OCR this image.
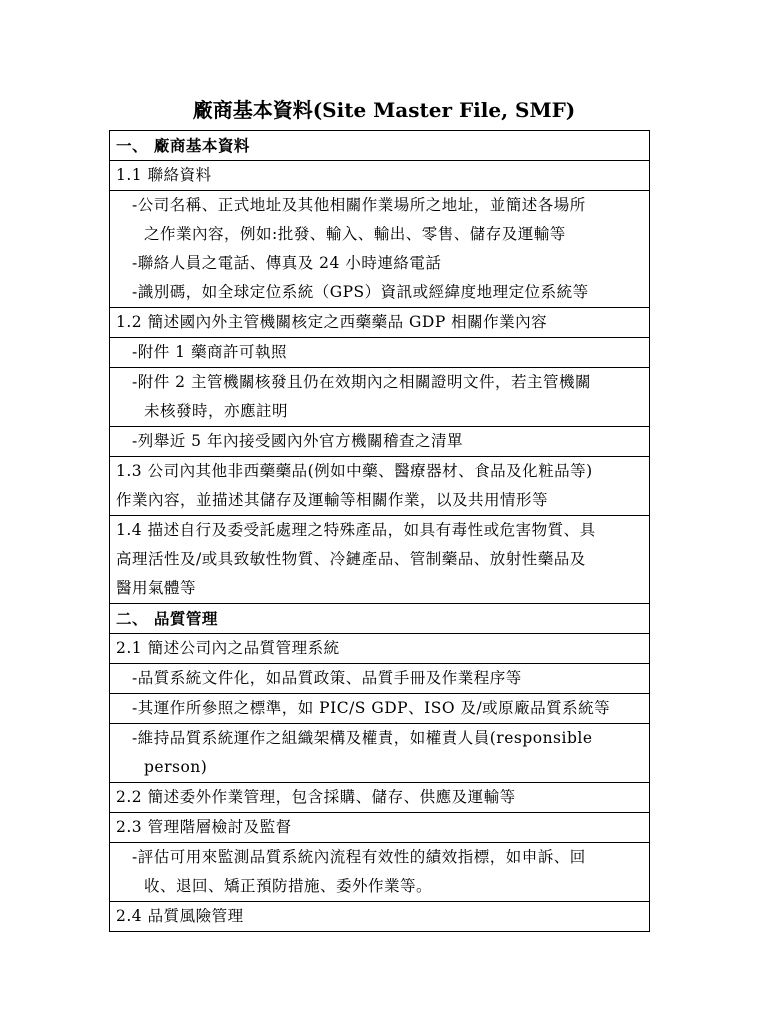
廠商基本資料(Site Master File, SMF)
一、 廠商基本資料

1.1 聯絡資料

-公司名稱、正式地址及其他相關作業場所之地址，並簡述各場所
之作業內容，例如:批發、輸入、輸出、零售、儲存及運輸等
-聯絡人員之電話、傳真及 24 小時連絡電話
-識別碼，如全球定位系統（GPS）資訊或經緯度地理定位系統等

1.2 簡述國內外主管機關核定之西藥藥品 GDP 相關作業內容

-附件 1 藥商許可執照

-附件 2 主管機關核發且仍在效期內之相關證明文件，若主管機關
未核發時，亦應註明

-列舉近 5 年內接受國內外官方機關稽查之清單

1.3 公司內其他非西藥藥品(例如中藥、醫療器材、食品及化粧品等)
作業內容，並描述其儲存及運輸等相關作業，以及共用情形等

1.4 描述自行及委受託處理之特殊產品，如具有毒性或危害物質、具
高理活性及/或具致敏性物質、冷鏈產品、管制藥品、放射性藥品及
醫用氣體等

二、 品質管理

2.1 簡述公司內之品質管理系統

-品質系統文件化，如品質政策、品質手冊及作業程序等

-其運作所參照之標準，如 PIC/S GDP、ISO 及/或原廠品質系統等

-維持品質系統運作之組織架構及權責，如權責人員(responsible
person)

2.2 簡述委外作業管理，包含採購、儲存、供應及運輸等

2.3 管理階層檢討及監督

-評估可用來監測品質系統內流程有效性的績效指標，如申訴、回
收、退回、矯正預防措施、委外作業等。

2.4 品質風險管理
